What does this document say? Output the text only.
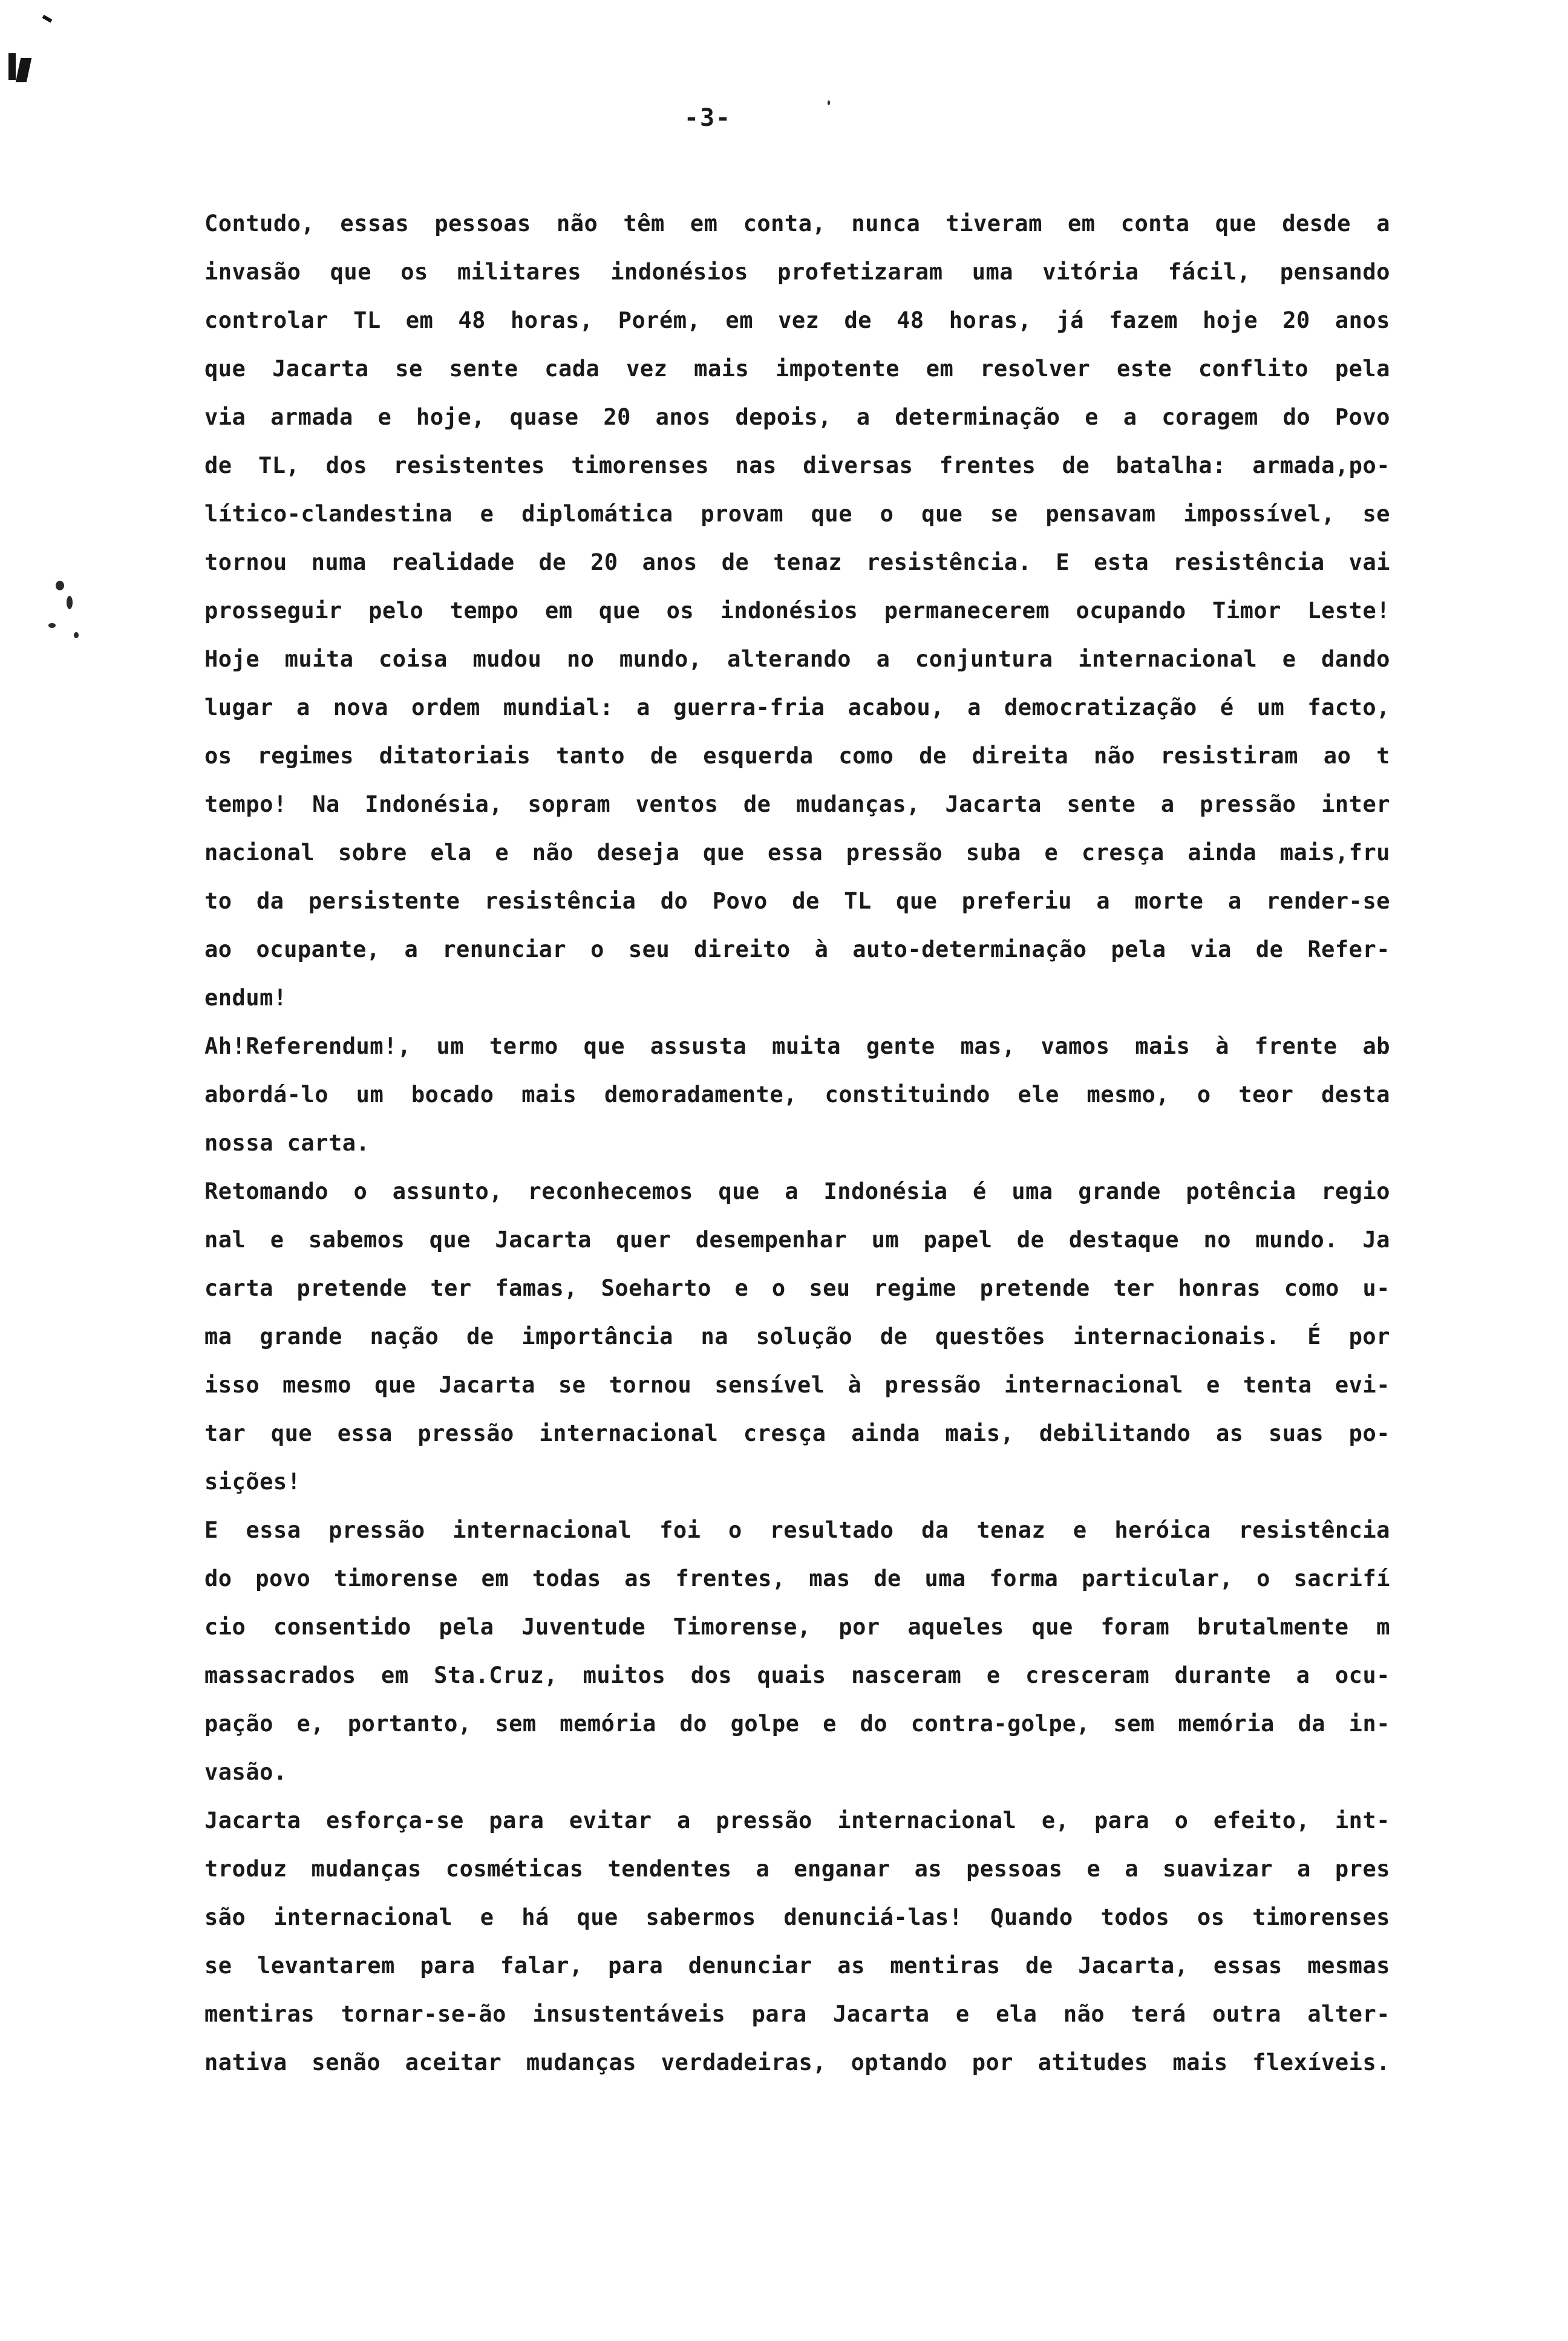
-3-
Contudo, essas pessoas não têm em conta, nunca tiveram em conta que desde a
invasão que os militares indonésios profetizaram uma vitória fácil, pensando
controlar TL em 48 horas, Porém, em vez de 48 horas, já fazem hoje 20 anos
que Jacarta se sente cada vez mais impotente em resolver este conflito pela
via armada e hoje, quase 20 anos depois, a determinação e a coragem do Povo
de TL, dos resistentes timorenses nas diversas frentes de batalha: armada,po-
lítico-clandestina e diplomática provam que o que se pensavam impossível, se
tornou numa realidade de 20 anos de tenaz resistência. E esta resistência vai
prosseguir pelo tempo em que os indonésios permanecerem ocupando Timor Leste!
Hoje muita coisa mudou no mundo, alterando a conjuntura internacional e dando
lugar a nova ordem mundial: a guerra-fria acabou, a democratização é um facto,
os regimes ditatoriais tanto de esquerda como de direita não resistiram ao t
tempo! Na Indonésia, sopram ventos de mudanças, Jacarta sente a pressão inter
nacional sobre ela e não deseja que essa pressão suba e cresça ainda mais,fru
to da persistente resistência do Povo de TL que preferiu a morte a render-se
ao ocupante, a renunciar o seu direito à auto-determinação pela via de Refer-
endum!
Ah!Referendum!, um termo que assusta muita gente mas, vamos mais à frente ab
abordá-lo um bocado mais demoradamente, constituindo ele mesmo, o teor desta
nossa carta.
Retomando o assunto, reconhecemos que a Indonésia é uma grande potência regio
nal e sabemos que Jacarta quer desempenhar um papel de destaque no mundo. Ja
carta pretende ter famas, Soeharto e o seu regime pretende ter honras como u-
ma grande nação de importância na solução de questões internacionais. É por
isso mesmo que Jacarta se tornou sensível à pressão internacional e tenta evi-
tar que essa pressão internacional cresça ainda mais, debilitando as suas po-
sições!
E essa pressão internacional foi o resultado da tenaz e heróica resistência
do povo timorense em todas as frentes, mas de uma forma particular, o sacrifí
cio consentido pela Juventude Timorense, por aqueles que foram brutalmente m
massacrados em Sta.Cruz, muitos dos quais nasceram e cresceram durante a ocu-
pação e, portanto, sem memória do golpe e do contra-golpe, sem memória da in-
vasão.
Jacarta esforça-se para evitar a pressão internacional e, para o efeito, int-
troduz mudanças cosméticas tendentes a enganar as pessoas e a suavizar a pres
são internacional e há que sabermos denunciá-las! Quando todos os timorenses
se levantarem para falar, para denunciar as mentiras de Jacarta, essas mesmas
mentiras tornar-se-ão insustentáveis para Jacarta e ela não terá outra alter-
nativa senão aceitar mudanças verdadeiras, optando por atitudes mais flexíveis.
